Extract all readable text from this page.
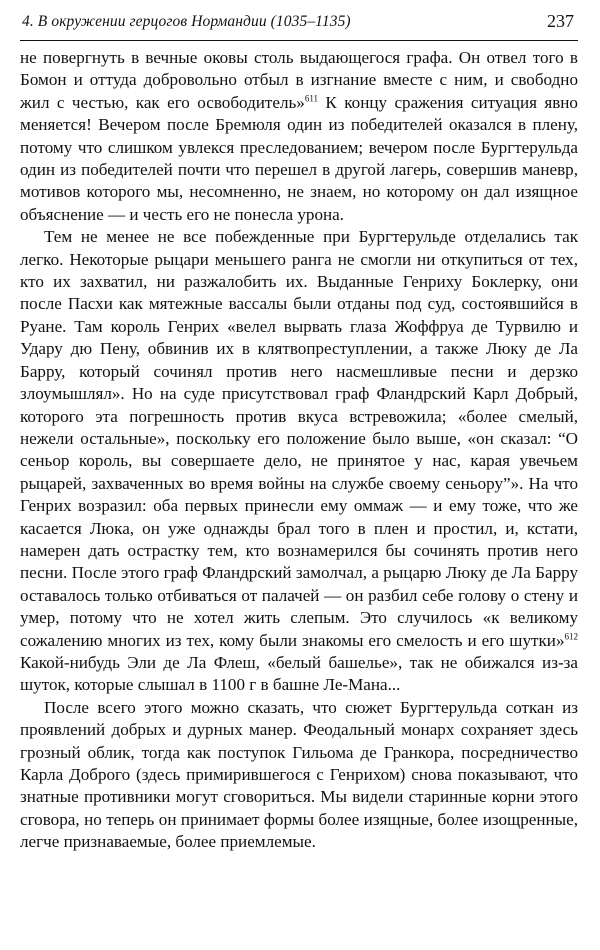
4. В окружении герцогов Нормандии (1035–1135)	237

не повергнуть в вечные оковы столь выдающегося графа. Он отвел того в Бомон и оттуда добровольно отбыл в изгнание вместе с ним, и свободно жил с честью, как его освободитель»$^{611}$ К концу сражения ситуация явно меняется! Вечером после Бремюля один из победителей оказался в плену, потому что слишком увлекся преследованием; вечером после Бургтерульда один из победителей почти что перешел в другой лагерь, совершив маневр, мотивов которого мы, несомненно, не знаем, но которому он дал изящное объяснение — и честь его не понесла урона.

Тем не менее не все побежденные при Бургтерульде отделались так легко. Некоторые рыцари меньшего ранга не смогли ни откупиться от тех, кто их захватил, ни разжалобить их. Выданные Генриху Боклерку, они после Пасхи как мятежные вассалы были отданы под суд, состоявшийся в Руане. Там король Генрих «велел вырвать глаза Жоффруа де Турвилю и Удару дю Пену, обвинив их в клятвопреступлении, а также Люку де Ла Барру, который сочинял против него насмешливые песни и дерзко злоумышлял». Но на суде присутствовал граф Фландрский Карл Добрый, которого эта погрешность против вкуса встревожила; «более смелый, нежели остальные», поскольку его положение было выше, «он сказал: “О сеньор король, вы совершаете дело, не принятое у нас, карая увечьем рыцарей, захваченных во время войны на службе своему сеньору”». На что Генрих возразил: оба первых принесли ему оммаж — и ему тоже, что же касается Люка, он уже однажды брал того в плен и простил, и, кстати, намерен дать острастку тем, кто вознамерился бы сочинять против него песни. После этого граф Фландрский замолчал, а рыцарю Люку де Ла Барру оставалось только отбиваться от палачей — он разбил себе голову о стену и умер, потому что не хотел жить слепым. Это случилось «к великому сожалению многих из тех, кому были знакомы его смелость и его шутки»$^{612}$ Какой-нибудь Эли де Ла Флеш, «белый башелье», так не обижался из-за шуток, которые слышал в 1100 г в башне Ле-Мана...

После всего этого можно сказать, что сюжет Бургтерульда соткан из проявлений добрых и дурных манер. Феодальный монарх сохраняет здесь грозный облик, тогда как поступок Гильома де Гранкора, посредничество Карла Доброго (здесь примирившегося с Генрихом) снова показывают, что знатные противники могут сговориться. Мы видели старинные корни этого сговора, но теперь он принимает формы более изящные, более изощренные, легче признаваемые, более приемлемые.
